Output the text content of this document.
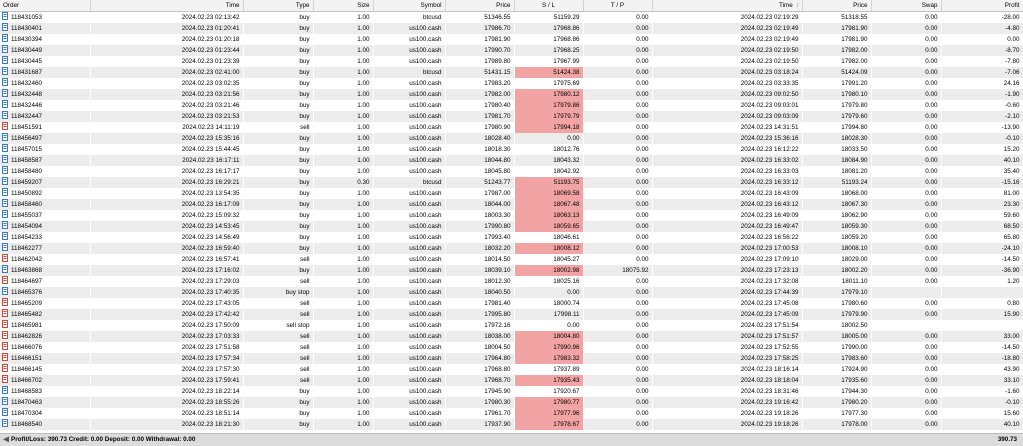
Order	Time	Type	Size	Symbol	Price	S / L	T / P	Time /	Price	Swap	Profit
118431053	2024.02.23 02:13:42	buy	1.00	btcusd	51346.55	51159.29	0.00	2024.02.23 02:19:29	51318.55	0.00	-28.00
118430401	2024.02.23 01:20:41	buy	1.00	us100.cash	17986.70	17968.86	0.00	2024.02.23 02:19:49	17981.90	0.00	-4.80
118430394	2024.02.23 01:20:18	buy	1.00	us100.cash	17981.90	17968.86	0.00	2024.02.23 02:19:49	17981.90	0.00	0.00
118430449	2024.02.23 01:23:44	buy	1.00	us100.cash	17990.70	17968.25	0.00	2024.02.23 02:19:50	17982.00	0.00	-8.70
118430445	2024.02.23 01:23:39	buy	1.00	us100.cash	17989.80	17967.99	0.00	2024.02.23 02:19:50	17982.00	0.00	-7.80
118431687	2024.02.23 02:41:00	buy	1.00	btcusd	51431.15	51424.38	0.00	2024.02.23 03:18:24	51424.09	0.00	-7.06
118432460	2024.02.23 03:02:35	buy	1.00	us100.cash	17983.20	17975.69	0.00	2024.02.23 03:33:35	17991.20	0.00	24.16
118432448	2024.02.23 03:21:56	buy	1.00	us100.cash	17982.00	17980.12	0.00	2024.02.23 09:02:50	17980.10	0.00	-1.90
118432446	2024.02.23 03:21:46	buy	1.00	us100.cash	17980.40	17979.86	0.00	2024.02.23 09:03:01	17979.80	0.00	-0.60
118432447	2024.02.23 03:21:53	buy	1.00	us100.cash	17981.70	17979.79	0.00	2024.02.23 09:03:09	17979.60	0.00	-2.10
118451591	2024.02.23 14:11:19	sell	1.00	us100.cash	17980.90	17994.18	0.00	2024.02.23 14:31:51	17994.80	0.00	-13.90
118456497	2024.02.23 15:35:16	buy	1.00	us100.cash	18028.40	0.00	0.00	2024.02.23 15:36:16	18028.30	0.00	-0.10
118457015	2024.02.23 15:44:45	buy	1.00	us100.cash	18018.30	18012.76	0.00	2024.02.23 16:12:22	18033.50	0.00	15.20
118458587	2024.02.23 16:17:11	buy	1.00	us100.cash	18044.80	18043.32	0.00	2024.02.23 16:33:02	18084.90	0.00	40.10
118458480	2024.02.23 16:17:17	buy	1.00	us100.cash	18045.80	18042.92	0.00	2024.02.23 16:33:03	18081.20	0.00	35.40
118459207	2024.02.23 16:29:21	buy	0.30	btcusd	51243.77	51193.75	0.00	2024.02.23 16:33:12	51193.24	0.00	-15.16
118450892	2024.02.23 13:54:35	buy	1.00	us100.cash	17987.00	18069.58	0.00	2024.02.23 16:43:09	18068.00	0.00	81.00
118458460	2024.02.23 16:17:09	buy	1.00	us100.cash	18044.00	18067.48	0.00	2024.02.23 16:43:12	18067.30	0.00	23.30
118455037	2024.02.23 15:09:32	buy	1.00	us100.cash	18003.30	18063.13	0.00	2024.02.23 16:49:09	18062.90	0.00	59.60
118454094	2024.02.23 14:53:45	buy	1.00	us100.cash	17990.80	18059.65	0.00	2024.02.23 16:49:47	18059.30	0.00	68.50
118454233	2024.02.23 14:56:49	buy	1.00	us100.cash	17993.40	18046.61	0.00	2024.02.23 16:56:22	18059.20	0.00	65.80
118462277	2024.02.23 16:59:40	buy	1.00	us100.cash	18032.20	18008.12	0.00	2024.02.23 17:00:53	18008.10	0.00	-24.10
118462042	2024.02.23 16:57:41	sell	1.00	us100.cash	18014.50	18045.27	0.00	2024.02.23 17:09:10	18029.00	0.00	-14.50
118463868	2024.02.23 17:16:02	buy	1.00	us100.cash	18039.10	18002.98	18075.92	2024.02.23 17:23:13	18002.20	0.00	-36.90
118464697	2024.02.23 17:29:03	sell	1.00	us100.cash	18012.30	18025.16	0.00	2024.02.23 17:32:08	18011.10	0.00	1.20
118465376	2024.02.23 17:40:35	buy stop	1.00	us100.cash	18040.50	0.00	0.00	2024.02.23 17:44:39	17979.10		
118465209	2024.02.23 17:43:05	sell	1.00	us100.cash	17981.40	18000.74	0.00	2024.02.23 17:45:08	17980.60	0.00	0.80
118465482	2024.02.23 17:42:42	sell	1.00	us100.cash	17995.80	17998.11	0.00	2024.02.23 17:45:09	17979.90	0.00	15.90
118465981	2024.02.23 17:50:09	sell stop	1.00	us100.cash	17972.16	0.00	0.00	2024.02.23 17:51:54	18002.50		
118462826	2024.02.23 17:03:33	sell	1.00	us100.cash	18038.00	18004.80	0.00	2024.02.23 17:51:57	18005.00	0.00	33.00
118466076	2024.02.23 17:51:58	sell	1.00	us100.cash	18004.50	17990.96	0.00	2024.02.23 17:52:55	17990.00	0.00	-14.50
118466151	2024.02.23 17:57:34	sell	1.00	us100.cash	17964.80	17983.32	0.00	2024.02.23 17:58:25	17983.60	0.00	-18.80
118466145	2024.02.23 17:57:30	sell	1.00	us100.cash	17968.80	17937.89	0.00	2024.02.23 18:16:14	17924.90	0.00	43.90
118466702	2024.02.23 17:59:41	sell	1.00	us100.cash	17968.70	17935.43	0.00	2024.02.23 18:18:04	17935.60	0.00	33.10
118468583	2024.02.23 18:22:14	buy	1.00	us100.cash	17945.90	17920.67	0.00	2024.02.23 18:31:46	17944.30	0.00	-1.60
118470463	2024.02.23 18:55:26	buy	1.00	us100.cash	17980.30	17980.77	0.00	2024.02.23 19:16:42	17980.20	0.00	-0.10
118470304	2024.02.23 18:51:14	buy	1.00	us100.cash	17961.70	17977.96	0.00	2024.02.23 19:18:26	17977.30	0.00	15.60
118468540	2024.02.23 18:21:30	buy	1.00	us100.cash	17937.90	17978.67	0.00	2024.02.23 19:18:26	17978.00	0.00	40.10
Profit/Loss: 390.73 Credit: 0.00 Deposit: 0.00 Withdrawal: 0.00	390.73
